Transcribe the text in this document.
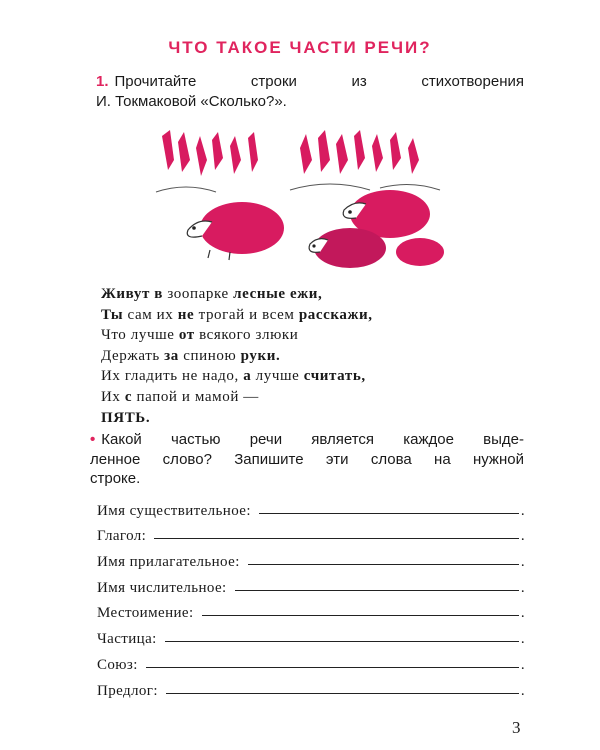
ЧТО ТАКОЕ ЧАСТИ РЕЧИ?
1. Прочитайте	строки	из	стихотворения
И. Токмаковой «Сколько?».
Живут в зоопарке лесные ежи,
Ты сам их не трогай и всем расскажи,
Что лучше от всякого злюки
Держать за спиною руки.
Их гладить не надо, а лучше считать,
Их с папой и мамой —
ПЯТЬ.
• Какой частью речи является каждое выде-
ленное слово? Запишите эти слова на нужной
строке.
Имя существительное:	.
Глагол:	.
Имя прилагательное:	.
Имя числительное:	.
Местоимение:	.
Частица:	.
Союз:	.
Предлог:	.
3
